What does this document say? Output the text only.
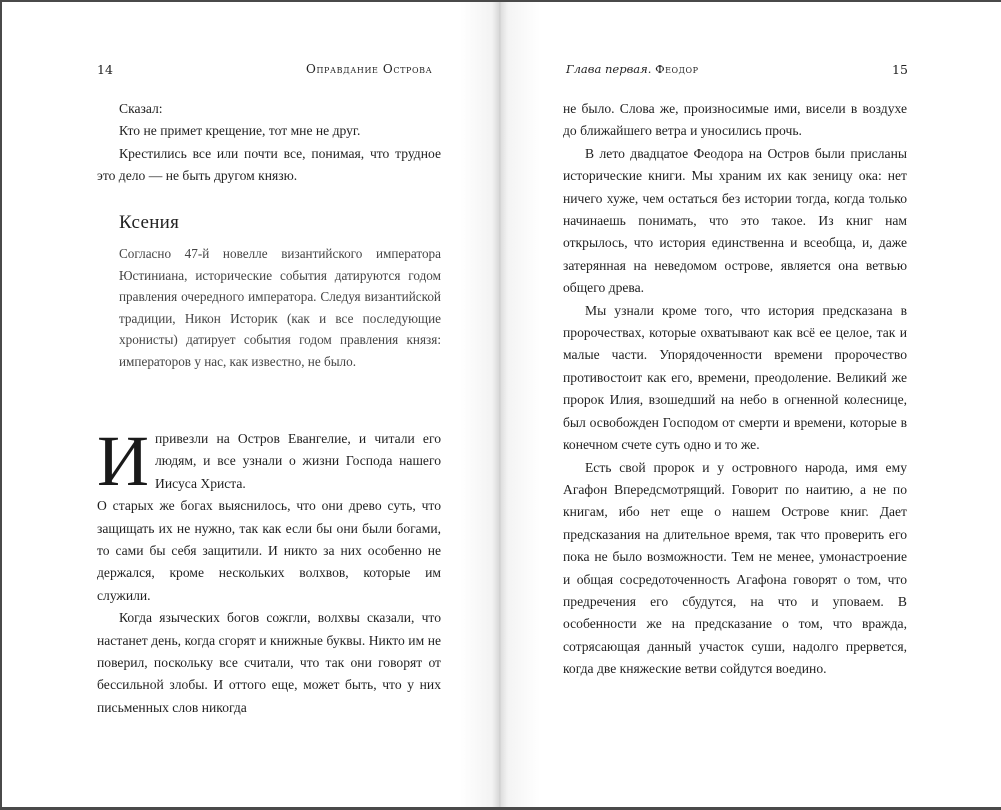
14	Оправдание Острова

Сказал:

Кто не примет крещение, тот мне не друг.

Крестились все или почти все, понимая, что трудное это дело — не быть другом князю.

Ксения

Согласно 47-й новелле византийского императора Юстиниана, исторические события датируются годом правления очередного императора. Следуя византийской традиции, Никон Историк (как и все последующие хронисты) датирует события годом правления князя: императоров у нас, как известно, не было.

Ипривезли на Остров Евангелие, и читали его людям, и все узнали о жизни Господа нашего Иисуса Христа.

О старых же богах выяснилось, что они древо суть, что защищать их не нужно, так как если бы они были богами, то сами бы себя защитили. И никто за них особенно не держался, кроме нескольких волхвов, которые им служили.

Когда языческих богов сожгли, волхвы сказали, что настанет день, когда сгорят и книжные буквы. Никто им не поверил, поскольку все считали, что так они говорят от бессильной злобы. И оттого еще, может быть, что у них письменных слов никогда

Глава первая. Феодор	15

не было. Слова же, произносимые ими, висели в воздухе до ближайшего ветра и уносились прочь.

В лето двадцатое Феодора на Остров были присланы исторические книги. Мы храним их как зеницу ока: нет ничего хуже, чем остаться без истории тогда, когда только начинаешь понимать, что это такое. Из книг нам открылось, что история единственна и всеобща, и, даже затерянная на неведомом острове, является она ветвью общего древа.

Мы узнали кроме того, что история предсказана в пророчествах, которые охватывают как всё ее целое, так и малые части. Упорядоченности времени пророчество противостоит как его, времени, преодоление. Великий же пророк Илия, взошедший на небо в огненной колеснице, был освобожден Господом от смерти и времени, которые в конечном счете суть одно и то же.

Есть свой пророк и у островного народа, имя ему Агафон Впередсмотрящий. Говорит по наитию, а не по книгам, ибо нет еще о нашем Острове книг. Дает предсказания на длительное время, так что проверить его пока не было возможности. Тем не менее, умонастроение и общая сосредоточенность Агафона говорят о том, что предречения его сбудутся, на что и уповаем. В особенности же на предсказание о том, что вражда, сотрясающая данный участок суши, надолго прервется, когда две княжеские ветви сойдутся воедино.
